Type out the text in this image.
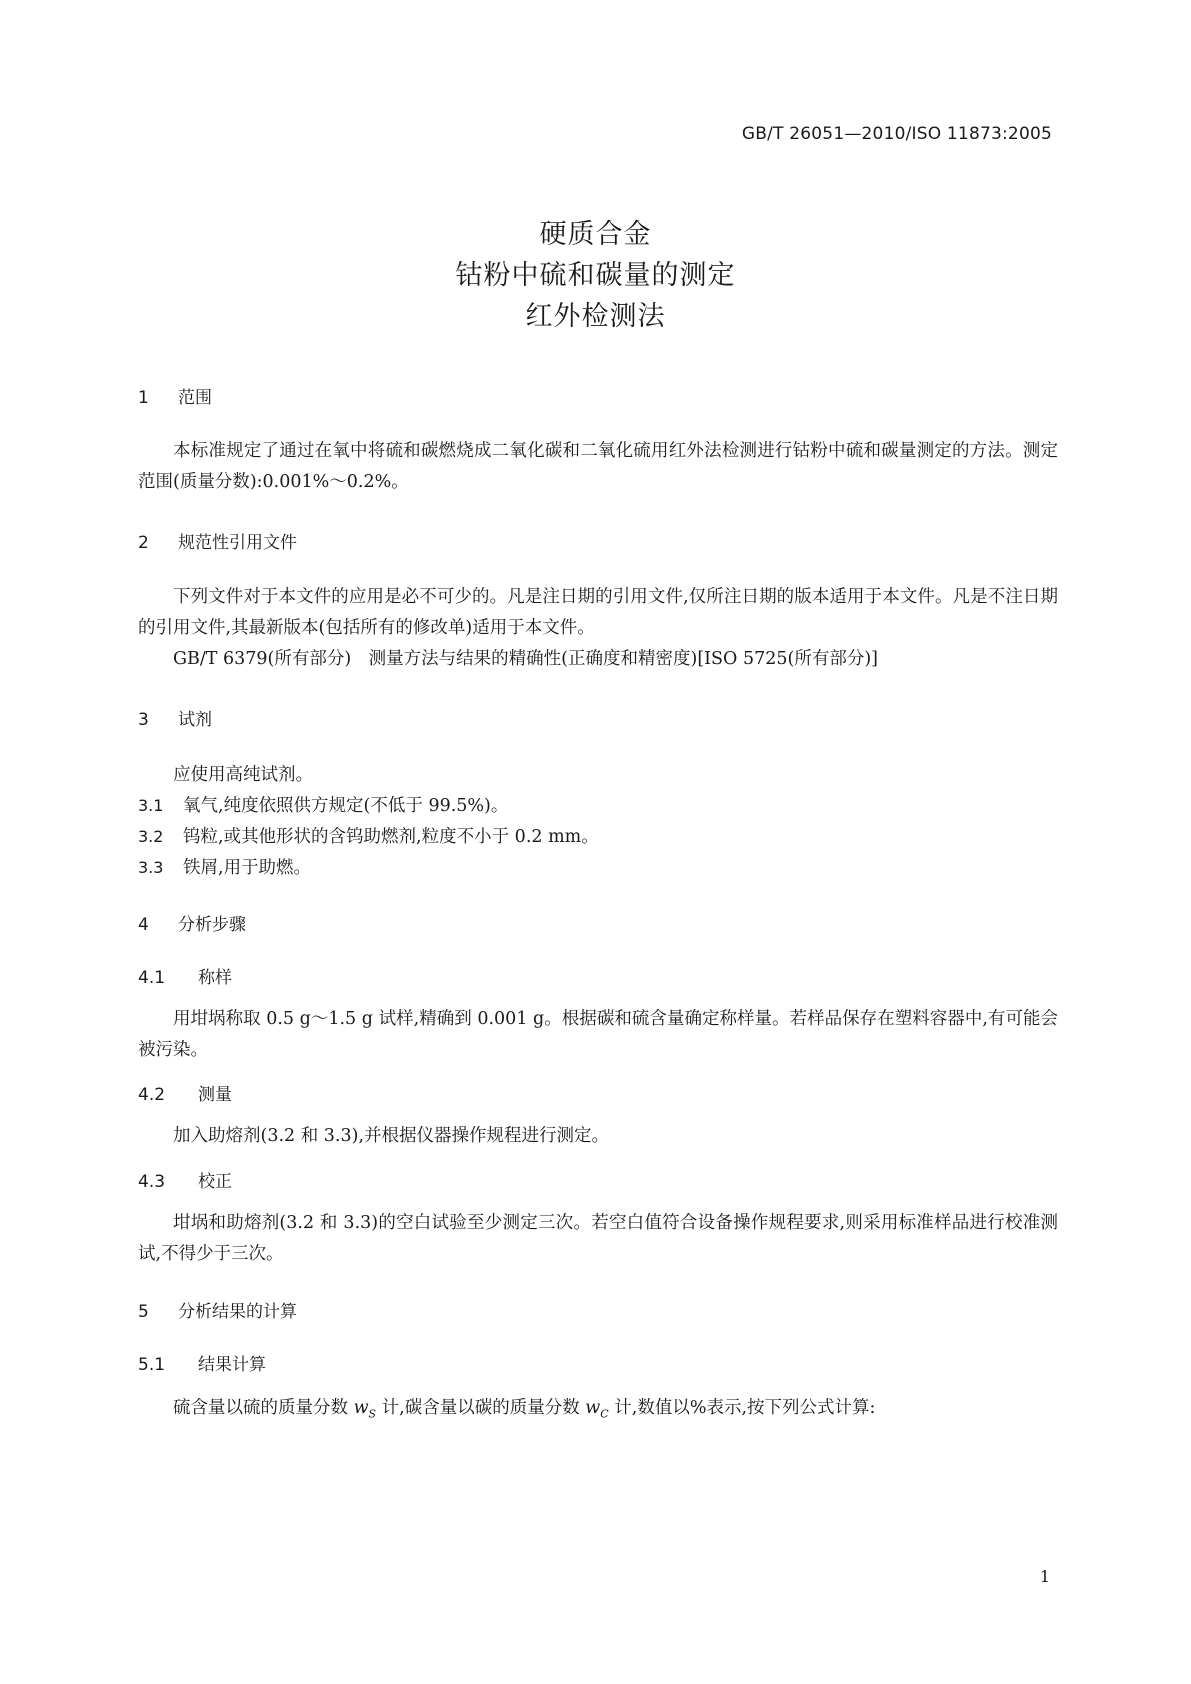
GB/T 26051—2010/ISO 11873:2005
硬质合金
钴粉中硫和碳量的测定
红外检测法
1 范围
本标准规定了通过在氧中将硫和碳燃烧成二氧化碳和二氧化硫用红外法检测进行钴粉中硫和碳量测定的方法。测定范围(质量分数):0.001%～0.2%。
2 规范性引用文件
下列文件对于本文件的应用是必不可少的。凡是注日期的引用文件,仅所注日期的版本适用于本文件。凡是不注日期的引用文件,其最新版本(包括所有的修改单)适用于本文件。
GB/T 6379(所有部分)　测量方法与结果的精确性(正确度和精密度)[ISO 5725(所有部分)]
3 试剂
应使用高纯试剂。
3.1 氧气,纯度依照供方规定(不低于 99.5%)。
3.2 钨粒,或其他形状的含钨助燃剂,粒度不小于 0.2 mm。
3.3 铁屑,用于助燃。
4 分析步骤
4.1 称样
用坩埚称取 0.5 g～1.5 g 试样,精确到 0.001 g。根据碳和硫含量确定称样量。若样品保存在塑料容器中,有可能会被污染。
4.2 测量
加入助熔剂(3.2 和 3.3),并根据仪器操作规程进行测定。
4.3 校正
坩埚和助熔剂(3.2 和 3.3)的空白试验至少测定三次。若空白值符合设备操作规程要求,则采用标准样品进行校准测试,不得少于三次。
5 分析结果的计算
5.1 结果计算
硫含量以硫的质量分数 $w_S$ 计,碳含量以碳的质量分数 $w_C$ 计,数值以%表示,按下列公式计算:
1
